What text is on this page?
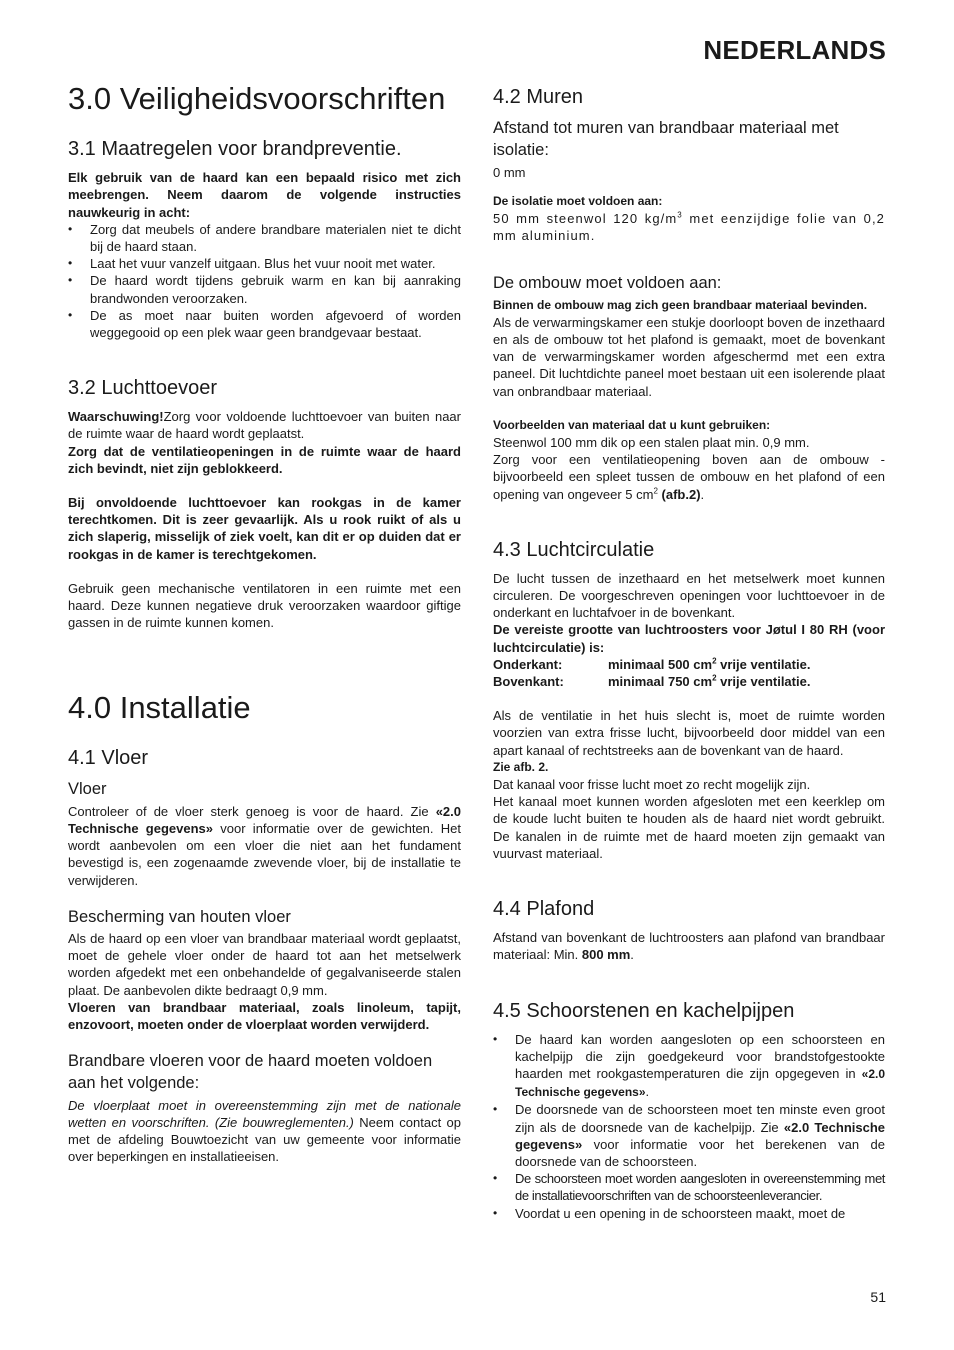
NEDERLANDS
3.0 Veiligheidsvoorschriften
3.1 Maatregelen voor brandpreventie.

Elk gebruik van de haard kan een bepaald risico met zich meebrengen. Neem daarom de volgende instructies nauwkeurig in acht:

• Zorg dat meubels of andere brandbare materialen niet te dicht bij de haard staan.
• Laat het vuur vanzelf uitgaan. Blus het vuur nooit met water.
• De haard wordt tijdens gebruik warm en kan bij aanraking brandwonden veroorzaken.
• De as moet naar buiten worden afgevoerd of worden weggegooid op een plek waar geen brandgevaar bestaat.
3.2 Luchttoevoer

Waarschuwing!Zorg voor voldoende luchttoevoer van buiten naar de ruimte waar de haard wordt geplaatst.

Zorg dat de ventilatieopeningen in de ruimte waar de haard zich bevindt, niet zijn geblokkeerd.

Bij onvoldoende luchttoevoer kan rookgas in de kamer terechtkomen. Dit is zeer gevaarlijk. Als u rook ruikt of als u zich slaperig, misselijk of ziek voelt, kan dit er op duiden dat er rookgas in de kamer is terechtgekomen.

Gebruik geen mechanische ventilatoren in een ruimte met een haard. Deze kunnen negatieve druk veroorzaken waardoor giftige gassen in de ruimte kunnen komen.

4.0 Installatie
4.1 Vloer
Vloer

Controleer of de vloer sterk genoeg is voor de haard. Zie «2.0 Technische gegevens» voor informatie over de gewichten. Het wordt aanbevolen om een vloer die niet aan het fundament bevestigd is, een zogenaamde zwevende vloer, bij de installatie te verwijderen.

Bescherming van houten vloer

Als de haard op een vloer van brandbaar materiaal wordt geplaatst, moet de gehele vloer onder de haard tot aan het metselwerk worden afgedekt met een onbehandelde of gegalvaniseerde stalen plaat. De aanbevolen dikte bedraagt 0,9 mm.

Vloeren van brandbaar materiaal, zoals linoleum, tapijt, enzovoort, moeten onder de vloerplaat worden verwijderd.

Brandbare vloeren voor de haard moeten voldoen aan het volgende:

De vloerplaat moet in overeenstemming zijn met de nationale wetten en voorschriften. (Zie bouwreglementen.) Neem contact op met de afdeling Bouwtoezicht van uw gemeente voor informatie over beperkingen en installatieeisen.

4.2 Muren
Afstand tot muren van brandbaar materiaal met isolatie:

0 mm

De isolatie moet voldoen aan:

50 mm steenwol 120 $kg/m^3$ met eenzijdige folie van 0,2 mm aluminium.

De ombouw moet voldoen aan:

Binnen de ombouw mag zich geen brandbaar materiaal bevinden.

Als de verwarmingskamer een stukje doorloopt boven de inzethaard en als de ombouw tot het plafond is gemaakt, moet de bovenkant van de verwarmingskamer worden afgeschermd met een extra paneel. Dit luchtdichte paneel moet bestaan uit een isolerende plaat van onbrandbaar materiaal.

Voorbeelden van materiaal dat u kunt gebruiken:

Steenwol 100 mm dik op een stalen plaat min. 0,9 mm.

Zorg voor een ventilatieopening boven aan de ombouw - bijvoorbeeld een spleet tussen de ombouw en het plafond of een opening van ongeveer 5 $cm^2$ (afb.2).

4.3 Luchtcirculatie

De lucht tussen de inzethaard en het metselwerk moet kunnen circuleren. De voorgeschreven openingen voor luchttoevoer in de onderkant en luchtafvoer in de bovenkant.

De vereiste grootte van luchtroosters voor Jøtul I 80 RH (voor luchtcirculatie) is:

Onderkant:	minimaal 500 $cm^2$ vrije ventilatie.
Bovenkant:	minimaal 750 $cm^2$ vrije ventilatie.

Als de ventilatie in het huis slecht is, moet de ruimte worden voorzien van extra frisse lucht, bijvoorbeeld door middel van een apart kanaal of rechtstreeks aan de bovenkant van de haard.

Zie afb. 2.

Dat kanaal voor frisse lucht moet zo recht mogelijk zijn.

Het kanaal moet kunnen worden afgesloten met een keerklep om de koude lucht buiten te houden als de haard niet wordt gebruikt. De kanalen in de ruimte met de haard moeten zijn gemaakt van vuurvast materiaal.

4.4 Plafond

Afstand van bovenkant de luchtroosters aan plafond van brandbaar materiaal: Min. 800 mm.

4.5 Schoorstenen en kachelpijpen
• De haard kan worden aangesloten op een schoorsteen en kachelpijp die zijn goedgekeurd voor brandstofgestookte haarden met rookgastemperaturen die zijn opgegeven in «2.0 Technische gegevens».
• De doorsnede van de schoorsteen moet ten minste even groot zijn als de doorsnede van de kachelpijp. Zie «2.0 Technische gegevens» voor informatie voor het berekenen van de doorsnede van de schoorsteen.
• De schoorsteen moet worden aangesloten in overeenstemming met de installatievoorschriften van de schoorsteenleverancier.
• Voordat u een opening in de schoorsteen maakt, moet de
51
